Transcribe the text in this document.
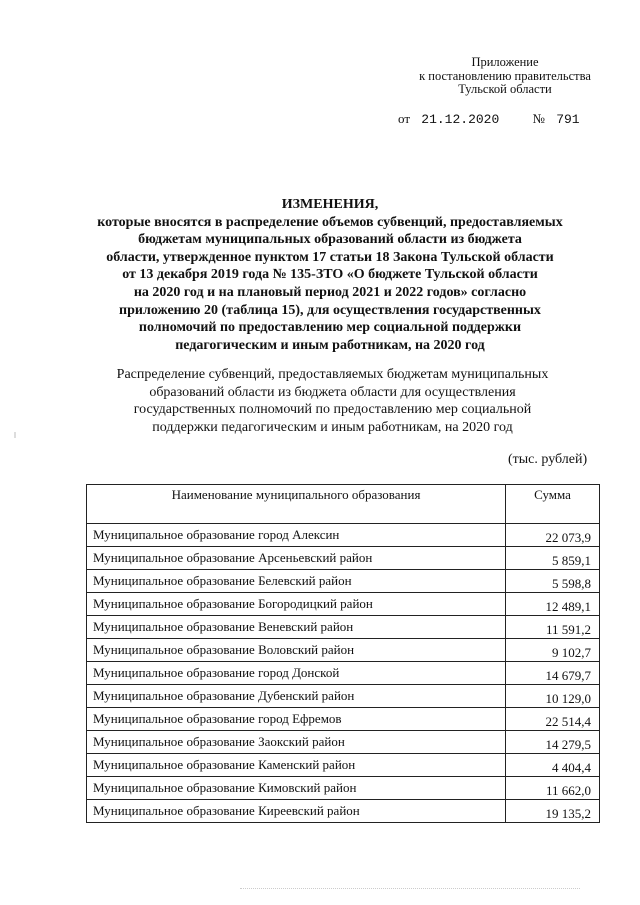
Приложение
к постановлению правительства
Тульской области
от 21.12.2020	№ 791
ИЗМЕНЕНИЯ,
которые вносятся в распределение объемов субвенций, предоставляемых
бюджетам муниципальных образований области из бюджета
области, утвержденное пунктом 17 статьи 18 Закона Тульской области
от 13 декабря 2019 года № 135-ЗТО «О бюджете Тульской области
на 2020 год и на плановый период 2021 и 2022 годов» согласно
приложению 20 (таблица 15), для осуществления государственных
полномочий по предоставлению мер социальной поддержки
педагогическим и иным работникам, на 2020 год
Распределение субвенций, предоставляемых бюджетам муниципальных
образований области из бюджета области для осуществления
государственных полномочий по предоставлению мер социальной
поддержки педагогическим и иным работникам, на 2020 год
(тыс. рублей)
Наименование муниципального образования	Сумма
Муниципальное образование город Алексин	22 073,9
Муниципальное образование Арсеньевский район	5 859,1
Муниципальное образование Белевский район	5 598,8
Муниципальное образование Богородицкий район	12 489,1
Муниципальное образование Веневский район	11 591,2
Муниципальное образование Воловский район	9 102,7
Муниципальное образование город Донской	14 679,7
Муниципальное образование Дубенский район	10 129,0
Муниципальное образование город Ефремов	22 514,4
Муниципальное образование Заокский район	14 279,5
Муниципальное образование Каменский район	4 404,4
Муниципальное образование Кимовский район	11 662,0
Муниципальное образование Киреевский район	19 135,2
